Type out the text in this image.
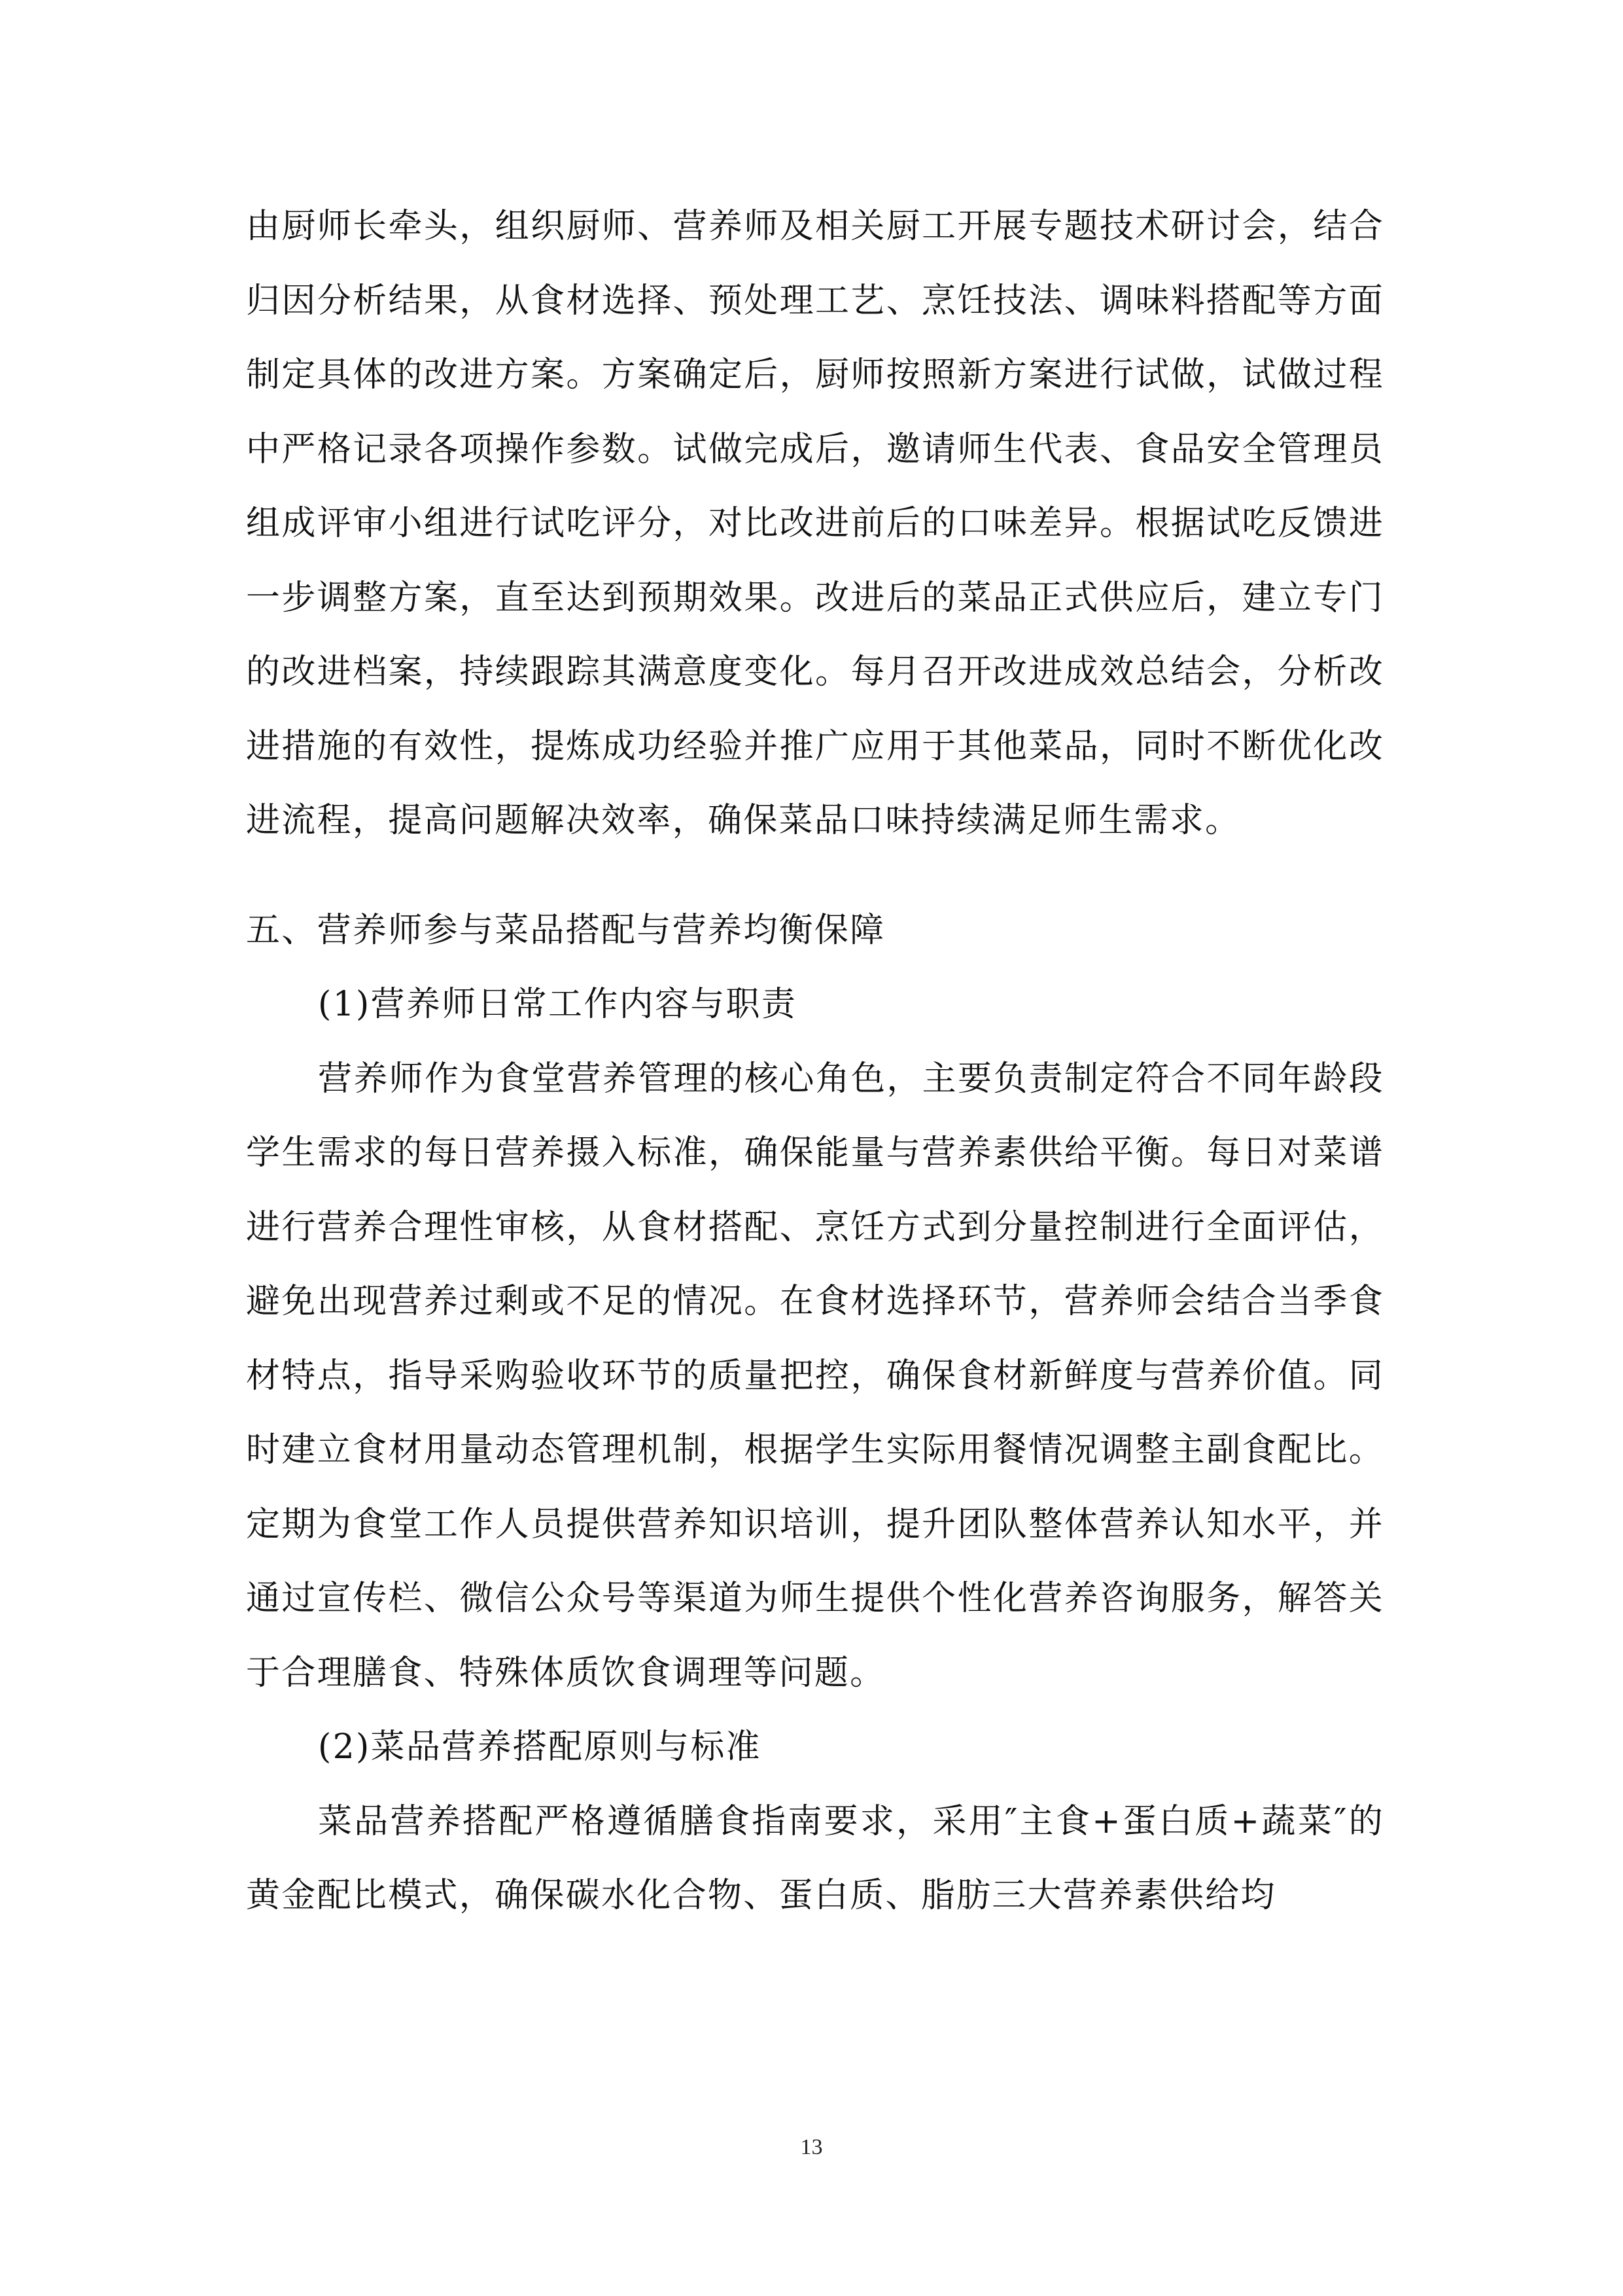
由厨师长牵头，组织厨师、营养师及相关厨工开展专题技术研讨会，结合归因分析结果，从食材选择、预处理工艺、烹饪技法、调味料搭配等方面制定具体的改进方案。方案确定后，厨师按照新方案进行试做，试做过程中严格记录各项操作参数。试做完成后，邀请师生代表、食品安全管理员组成评审小组进行试吃评分，对比改进前后的口味差异。根据试吃反馈进一步调整方案，直至达到预期效果。改进后的菜品正式供应后，建立专门的改进档案，持续跟踪其满意度变化。每月召开改进成效总结会，分析改进措施的有效性，提炼成功经验并推广应用于其他菜品，同时不断优化改进流程，提高问题解决效率，确保菜品口味持续满足师生需求。

五、营养师参与菜品搭配与营养均衡保障

(1)营养师日常工作内容与职责

营养师作为食堂营养管理的核心角色，主要负责制定符合不同年龄段学生需求的每日营养摄入标准，确保能量与营养素供给平衡。每日对菜谱进行营养合理性审核，从食材搭配、烹饪方式到分量控制进行全面评估，避免出现营养过剩或不足的情况。在食材选择环节，营养师会结合当季食材特点，指导采购验收环节的质量把控，确保食材新鲜度与营养价值。同时建立食材用量动态管理机制，根据学生实际用餐情况调整主副食配比。定期为食堂工作人员提供营养知识培训，提升团队整体营养认知水平，并通过宣传栏、微信公众号等渠道为师生提供个性化营养咨询服务，解答关于合理膳食、特殊体质饮食调理等问题。

(2)菜品营养搭配原则与标准

菜品营养搭配严格遵循膳食指南要求，采用″主食+蛋白质+蔬菜″的黄金配比模式，确保碳水化合物、蛋白质、脂肪三大营养素供给均

13
